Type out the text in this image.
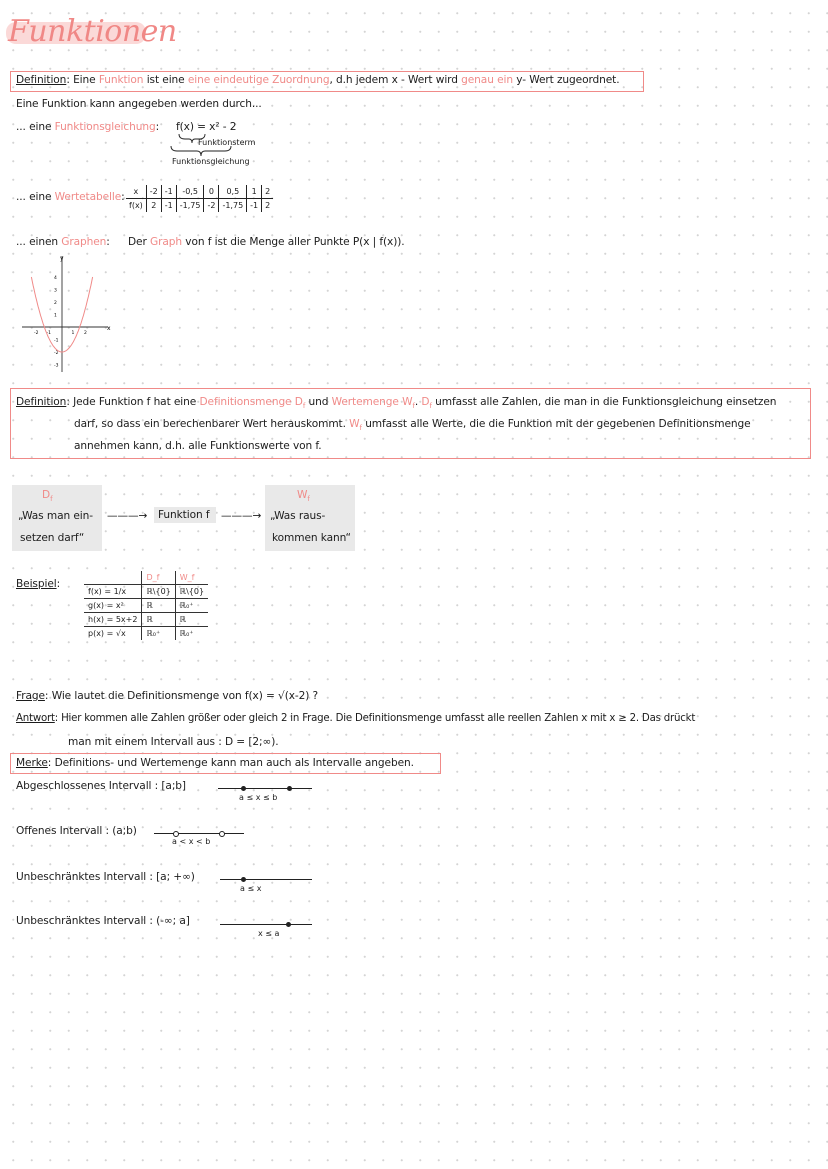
Funktionen
Definition: Eine Funktion ist eine eine eindeutige Zuordnung, d.h jedem x - Wert wird genau ein y- Wert zugeordnet.
Eine Funktion kann angegeben werden durch...
... eine Funktionsgleichung: f(x) = x² - 2
Funktionsterm
Funktionsgleichung
... eine Wertetabelle: x	-2	-1	-0,5	0	0,5	1	2
f(x)	2	-1	-1,75	-2	-1,75	-1	2
... einen Graphen: Der Graph von f ist die Menge aller Punkte P(x | f(x)).
x
y
-2 -1	1 2
4
3
2
1
-1
-2
-3
Definition: Jede Funktion f hat eine Definitionsmenge $D_f$ und Wertemenge $W_f$. $D_f$ umfasst alle Zahlen, die man in die Funktionsgleichung einsetzen
darf, so dass ein berechenbarer Wert herauskommt. $W_f$ umfasst alle Werte, die die Funktion mit der gegebenen Definitionsmenge
annehmen kann, d.h. alle Funktionswerte von f.
$D_f$
„Was man ein-
setzen darf“
———→ Funktion f ———→
$W_f$
„Was raus-
kommen kann“
Beispiel:
	D_f	W_f
f(x) = 1/x	ℝ\{0}	ℝ\{0}
g(x) = x²	ℝ	ℝ₀⁺
h(x) = 5x+2	ℝ	ℝ
p(x) = √x	ℝ₀⁺	ℝ₀⁺
Frage: Wie lautet die Definitionsmenge von f(x) = √(x-2) ?
Antwort: Hier kommen alle Zahlen größer oder gleich 2 in Frage. Die Definitionsmenge umfasst alle reellen Zahlen x mit x ≥ 2. Das drückt
man mit einem Intervall aus : D = [2;∞).
Merke: Definitions- und Wertemenge kann man auch als Intervalle angeben.
Abgeschlossenes Intervall : [a;b]
a ≤ x ≤ b
Offenes Intervall : (a;b)
a < x < b
Unbeschränktes Intervall : [a; +∞)
a ≤ x
Unbeschränktes Intervall : (-∞; a]
x ≤ a
